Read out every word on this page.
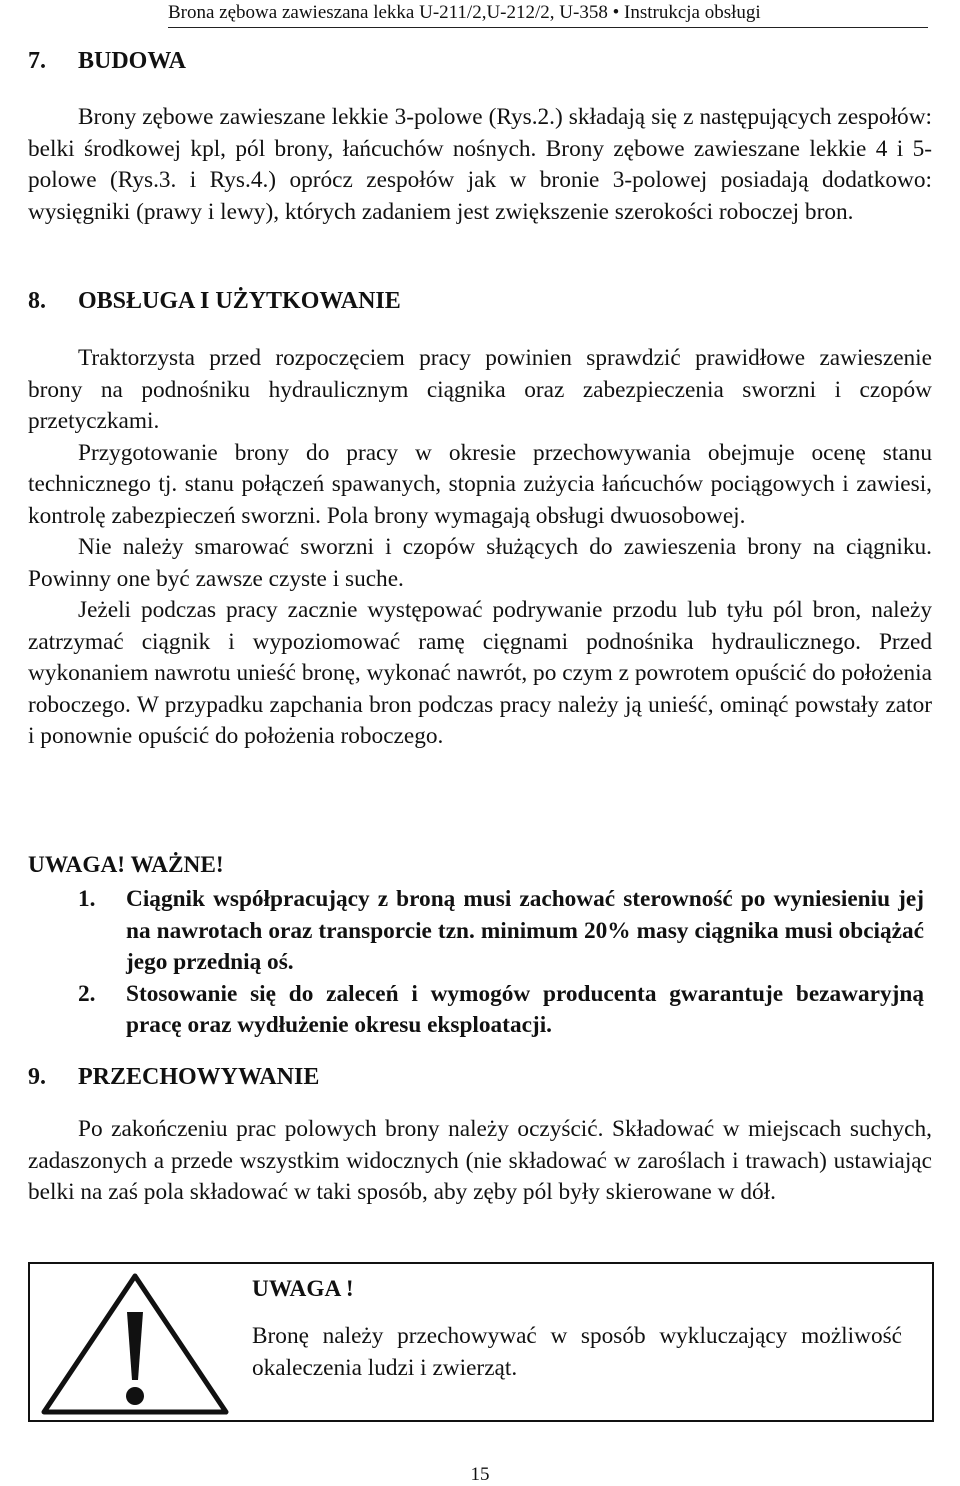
Brona zębowa zawieszana lekka U-211/2,U-212/2, U-358 • Instrukcja obsługi
7. BUDOWA

Brony zębowe zawieszane lekkie 3-polowe (Rys.2.) składają się z następujących zespołów: belki środkowej kpl, pól brony, łańcuchów nośnych. Brony zębowe zawieszane lekkie 4 i 5-polowe (Rys.3. i Rys.4.) oprócz zespołów jak w bronie 3-polowej posiadają dodatkowo: wysięgniki (prawy i lewy), których zadaniem jest zwiększenie szerokości roboczej bron.

8. OBSŁUGA I UŻYTKOWANIE

Traktorzysta przed rozpoczęciem pracy powinien sprawdzić prawidłowe zawieszenie brony na podnośniku hydraulicznym ciągnika oraz zabezpieczenia sworzni i czopów przetyczkami.

Przygotowanie brony do pracy w okresie przechowywania obejmuje ocenę stanu technicznego tj. stanu połączeń spawanych, stopnia zużycia łańcuchów pociągowych i zawiesi, kontrolę zabezpieczeń sworzni. Pola brony wymagają obsługi dwuosobowej.

Nie należy smarować sworzni i czopów służących do zawieszenia brony na ciągniku. Powinny one być zawsze czyste i suche.

Jeżeli podczas pracy zacznie występować podrywanie przodu lub tyłu pól bron, należy zatrzymać ciągnik i wypoziomować ramę cięgnami podnośnika hydraulicznego. Przed wykonaniem nawrotu unieść bronę, wykonać nawrót, po czym z powrotem opuścić do położenia roboczego. W przypadku zapchania bron podczas pracy należy ją unieść, ominąć powstały zator i ponownie opuścić do położenia roboczego.

UWAGA! WAŻNE!
1. Ciągnik współpracujący z broną musi zachować sterowność po wyniesieniu jej na nawrotach oraz transporcie tzn. minimum 20% masy ciągnika musi obciążać jego przednią oś.
2. Stosowanie się do zaleceń i wymogów producenta gwarantuje bezawaryjną pracę oraz wydłużenie okresu eksploatacji.
9. PRZECHOWYWANIE

Po zakończeniu prac polowych brony należy oczyścić. Składować w miejscach suchych, zadaszonych a przede wszystkim widocznych (nie składować w zaroślach i trawach) ustawiając belki na zaś pola składować w taki sposób, aby zęby pól były skierowane w dół.

UWAGA !
Bronę należy przechowywać w sposób wykluczający możliwość okaleczenia ludzi i zwierząt.
15
